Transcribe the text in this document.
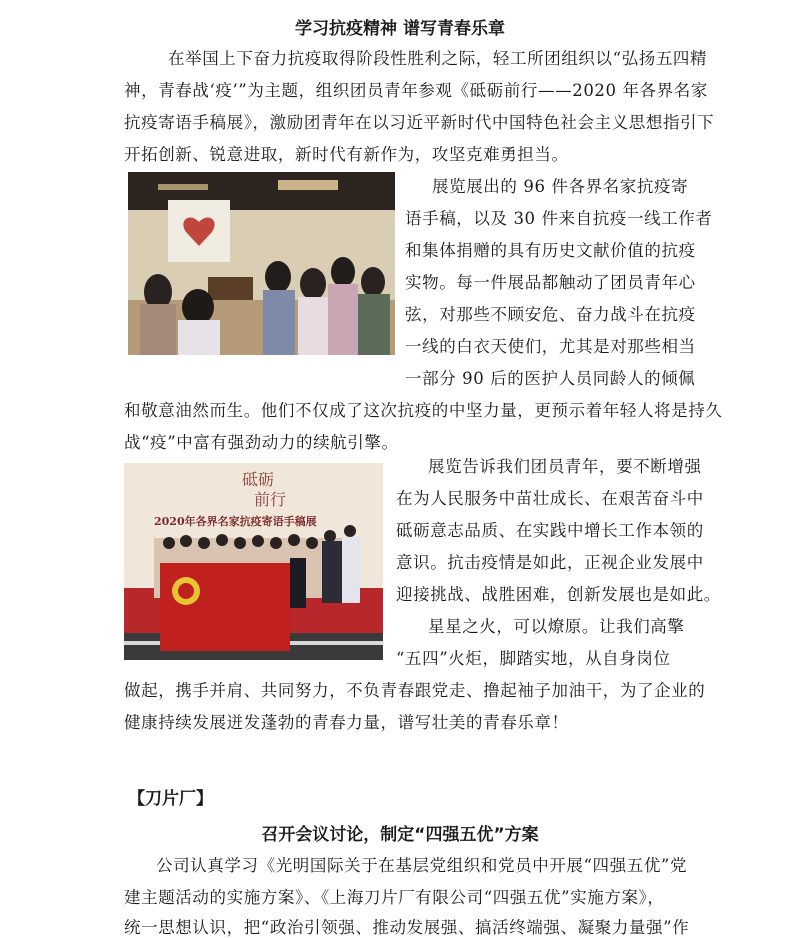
学习抗疫精神 谱写青春乐章
在举国上下奋力抗疫取得阶段性胜利之际，轻工所团组织以“弘扬五四精
神，青春战‘疫’”为主题，组织团员青年参观《砥砺前行——2020 年各界名家
抗疫寄语手稿展》，激励团青年在以习近平新时代中国特色社会主义思想指引下
开拓创新、锐意进取，新时代有新作为，攻坚克难勇担当。
展览展出的 96 件各界名家抗疫寄
语手稿，以及 30 件来自抗疫一线工作者
和集体捐赠的具有历史文献价值的抗疫
实物。每一件展品都触动了团员青年心
弦，对那些不顾安危、奋力战斗在抗疫
一线的白衣天使们，尤其是对那些相当
一部分 90 后的医护人员同龄人的倾佩
和敬意油然而生。他们不仅成了这次抗疫的中坚力量，更预示着年轻人将是持久
战“疫”中富有强劲动力的续航引擎。
砥砺
前行
2020年各界名家抗疫寄语手稿展
展览告诉我们团员青年，要不断增强
在为人民服务中苗壮成长、在艰苦奋斗中
砥砺意志品质、在实践中增长工作本领的
意识。抗击疫情是如此，正视企业发展中
迎接挑战、战胜困难，创新发展也是如此。
星星之火，可以燎原。让我们高擎
“五四”火炬，脚踏实地，从自身岗位
做起，携手并肩、共同努力，不负青春跟党走、撸起袖子加油干，为了企业的
健康持续发展迸发蓬勃的青春力量，谱写壮美的青春乐章！
【刀片厂】
召开会议讨论，制定“四强五优”方案
公司认真学习《光明国际关于在基层党组织和党员中开展“四强五优”党
建主题活动的实施方案》、《上海刀片厂有限公司“四强五优”实施方案》，
统一思想认识，把“政治引领强、推动发展强、搞活终端强、凝聚力量强”作
